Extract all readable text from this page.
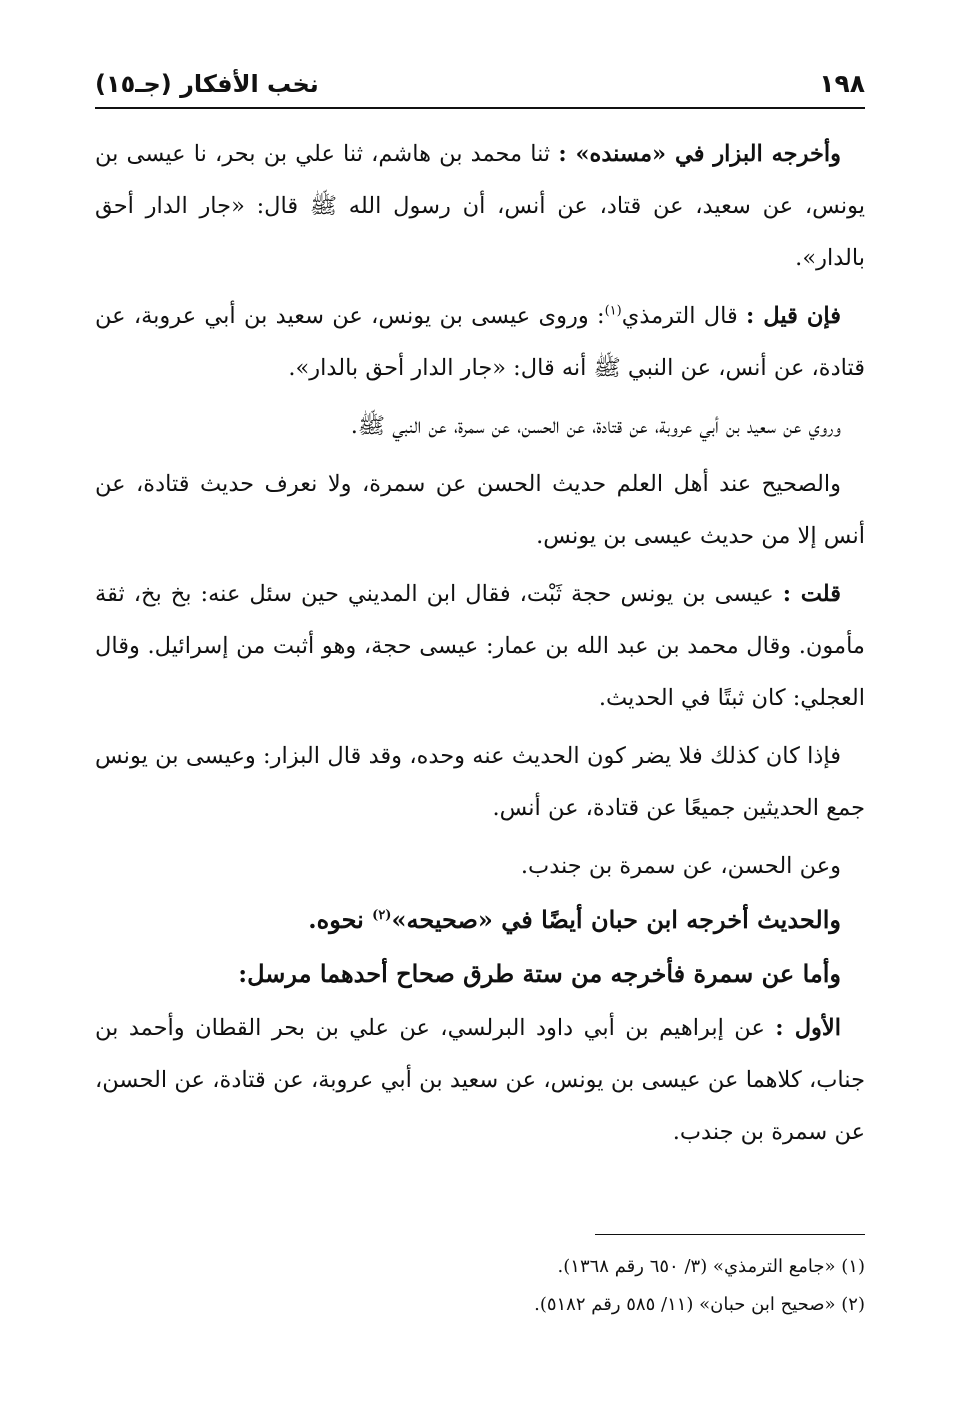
١٩٨
نخب الأفكار (جـ١٥)

وأخرجه البزار في «مسنده» : ثنا محمد بن هاشم، ثنا علي بن بحر، نا عيسى بن يونس، عن سعيد، عن قتاد، عن أنس، أن رسول الله ﷺ قال: «جار الدار أحق بالدار».

فإن قيل : قال الترمذي$^{(١)}$: وروى عيسى بن يونس، عن سعيد بن أبي عروبة، عن قتادة، عن أنس، عن النبي ﷺ أنه قال: «جار الدار أحق بالدار».

وروي عن سعيد بن أبي عروبة، عن قتادة، عن الحسن، عن سمرة، عن النبي ﷺ.

والصحيح عند أهل العلم حديث الحسن عن سمرة، ولا نعرف حديث قتادة، عن أنس إلا من حديث عيسى بن يونس.

قلت : عيسى بن يونس حجة ثَبْت، فقال ابن المديني حين سئل عنه: بخ بخ، ثقة مأمون. وقال محمد بن عبد الله بن عمار: عيسى حجة، وهو أثبت من إسرائيل. وقال العجلي: كان ثبتًا في الحديث.

فإذا كان كذلك فلا يضر كون الحديث عنه وحده، وقد قال البزار: وعيسى بن يونس جمع الحديثين جميعًا عن قتادة، عن أنس.

وعن الحسن، عن سمرة بن جندب.

والحديث أخرجه ابن حبان أيضًا في «صحيحه»$^{(٢)}$ نحوه.

وأما عن سمرة فأخرجه من ستة طرق صحاح أحدهما مرسل:

الأول : عن إبراهيم بن أبي داود البرلسي، عن علي بن بحر القطان وأحمد بن جناب، كلاهما عن عيسى بن يونس، عن سعيد بن أبي عروبة، عن قتادة، عن الحسن، عن سمرة بن جندب.

(١) «جامع الترمذي» (٣/ ٦٥٠ رقم ١٣٦٨).

(٢) «صحيح ابن حبان» (١١/ ٥٨٥ رقم ٥١٨٢).
